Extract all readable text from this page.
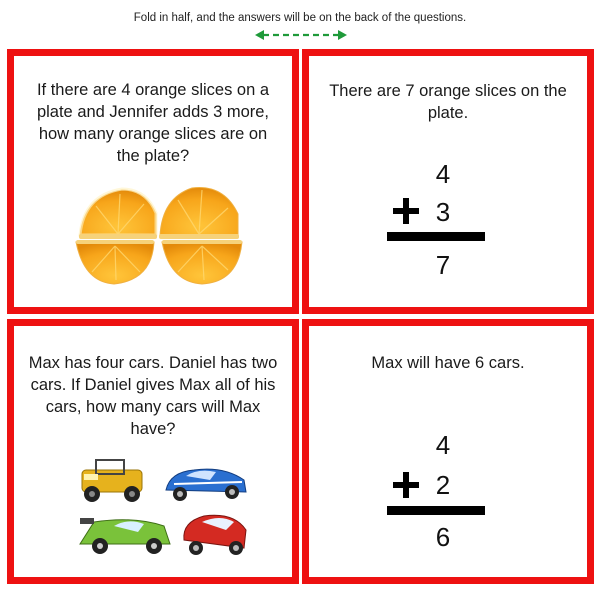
Fold in half, and the answers will be on the back of the questions.
If there are 4 orange slices on a plate and Jennifer adds 3 more, how many orange slices are on the plate?
There are 7 orange slices on the plate.
4
3
7
Max has four cars. Daniel has two cars. If Daniel gives Max all of his cars, how many cars will Max have?
Max will have 6 cars.
4
2
6
